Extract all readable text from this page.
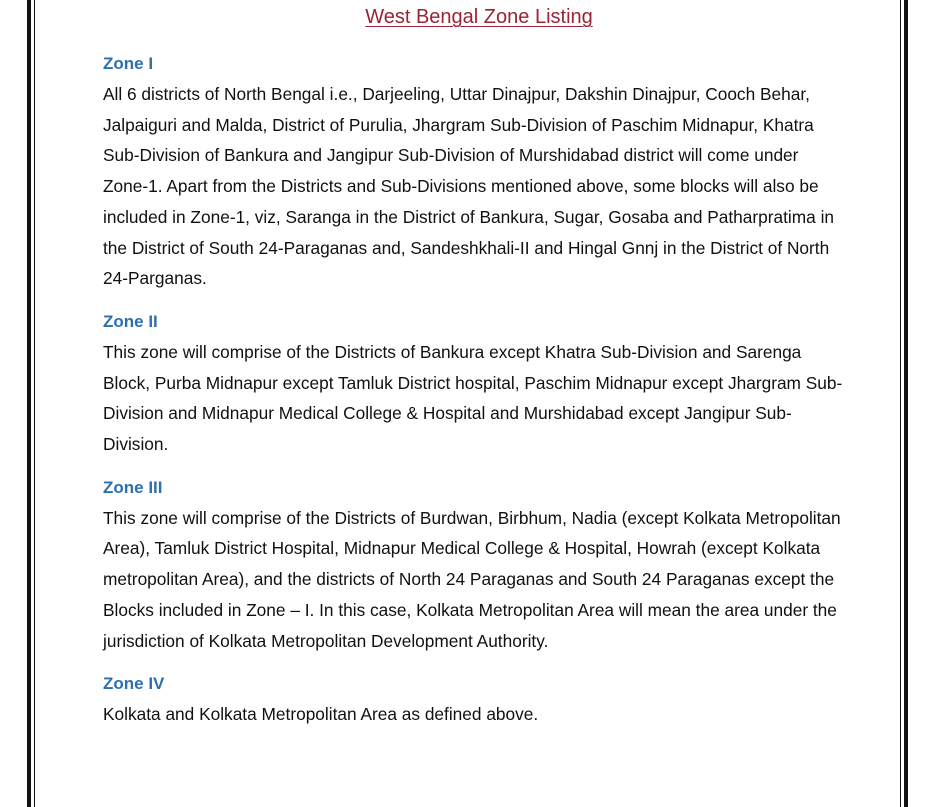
West Bengal Zone Listing
Zone I

All 6 districts of North Bengal i.e., Darjeeling, Uttar Dinajpur, Dakshin Dinajpur, Cooch Behar, Jalpaiguri and Malda, District of Purulia, Jhargram Sub-Division of Paschim Midnapur, Khatra Sub-Division of Bankura and Jangipur Sub-Division of Murshidabad district will come under Zone-1. Apart from the Districts and Sub-Divisions mentioned above, some blocks will also be included in Zone-1, viz, Saranga in the District of Bankura, Sugar, Gosaba and Patharpratima in the District of South 24-Paraganas and, Sandeshkhali-II and Hingal Gnnj in the District of North 24-Parganas.

Zone II

This zone will comprise of the Districts of Bankura except Khatra Sub-Division and Sarenga Block, Purba Midnapur except Tamluk District hospital, Paschim Midnapur except Jhargram Sub-Division and Midnapur Medical College & Hospital and Murshidabad except Jangipur Sub-Division.

Zone III

This zone will comprise of the Districts of Burdwan, Birbhum, Nadia (except Kolkata Metropolitan Area), Tamluk District Hospital, Midnapur Medical College & Hospital, Howrah (except Kolkata metropolitan Area), and the districts of North 24 Paraganas and South 24 Paraganas except the Blocks included in Zone – I. In this case, Kolkata Metropolitan Area will mean the area under the jurisdiction of Kolkata Metropolitan Development Authority.

Zone IV

Kolkata and Kolkata Metropolitan Area as defined above.
